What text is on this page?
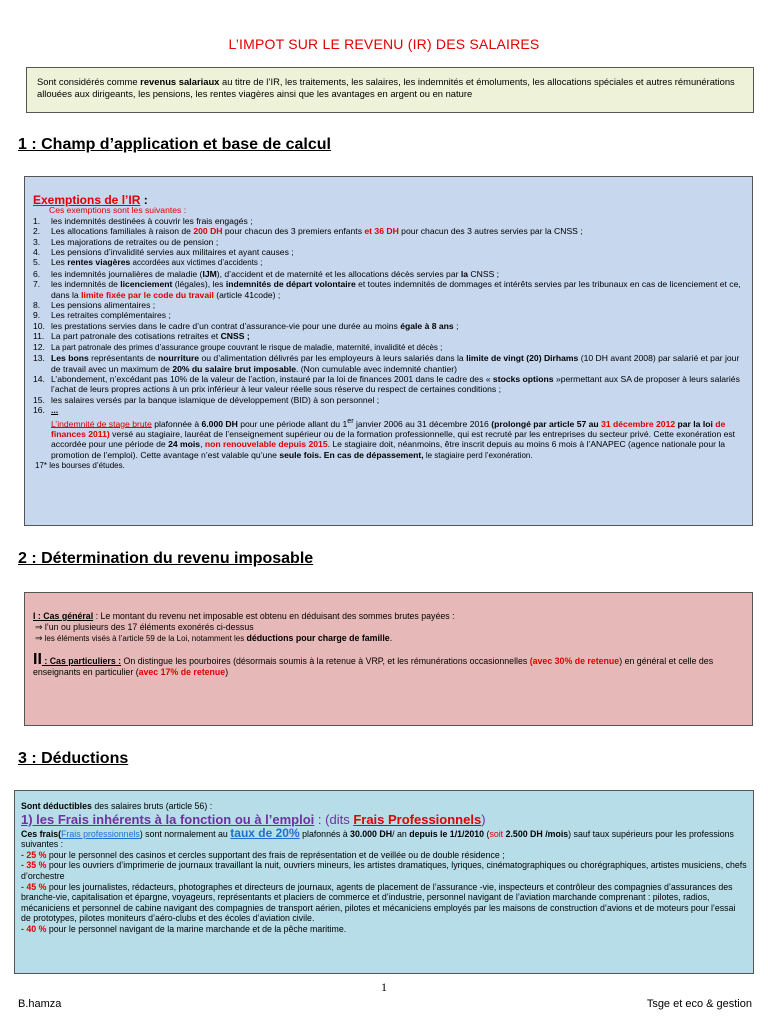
L’IMPOT SUR LE REVENU (IR) DES SALAIRES
Sont considérés comme revenus salariaux au titre de l’IR, les traitements, les salaires, les indemnités et émoluments, les allocations spéciales et autres rémunérations allouées aux dirigeants, les pensions, les rentes viagères ainsi que les avantages en argent ou en nature
1 : Champ d’application et base de calcul
Exemptions de l’IR :
Ces exemptions sont les suivantes :
1. les indemnités destinées à couvrir les frais engagés ;
2. Les allocations familiales à raison de 200 DH pour chacun des 3 premiers enfants et 36 DH pour chacun des 3 autres servies par la CNSS ;
3. Les majorations de retraites ou de pension ;
4. Les pensions d’invalidité servies aux militaires et ayant causes ;
5. Les rentes viagères accordées aux victimes d’accidents ;
6. les indemnités journalières de maladie (IJM), d’accident et de maternité et les allocations décès servies par la CNSS ;
7. les indemnités de licenciement (légales), les indemnités de départ volontaire et toutes indemnités de dommages et intérêts servies par les tribunaux en cas de licenciement et ce, dans la limite fixée par le code du travail (article 41code) ;
8. Les pensions alimentaires ;
9. Les retraites complémentaires ;
10. les prestations servies dans le cadre d’un contrat d’assurance-vie pour une durée au moins égale à 8 ans ;
11. La part patronale des cotisations retraites et CNSS ;
12. La part patronale des primes d’assurance groupe couvrant le risque de maladie, maternité, invalidité et décès ;
13. Les bons représentants de nourriture ou d’alimentation délivrés par les employeurs à leurs salariés dans la limite de vingt (20) Dirhams (10 DH avant 2008) par salarié et par jour de travail avec un maximum de 20% du salaire brut imposable. (Non cumulable avec indemnité chantier)
14. L’abondement, n’excédant pas 10% de la valeur de l’action, instauré par la loi de finances 2001 dans le cadre des « stocks options »permettant aux SA de proposer à leurs salariés l’achat de leurs propres actions à un prix inférieur à leur valeur réelle sous réserve du respect de certaines conditions ;
15. les salaires versés par la banque islamique de développement (BID) à son personnel ;
16. ...
L’indemnité de stage brute plafonnée à 6.000 DH pour une période allant du 1er janvier 2006 au 31 décembre 2016 (prolongé par article 57 au 31 décembre 2012 par la loi de finances 2011) versé au stagiaire, lauréat de l’enseignement supérieur ou de la formation professionnelle, qui est recruté par les entreprises du secteur privé. Cette exonération est accordée pour une période de 24 mois, non renouvelable depuis 2015. Le stagiaire doit, néanmoins, être inscrit depuis au moins 6 mois à l’ANAPEC (agence nationale pour la promotion de l’emploi). Cette avantage n’est valable qu’une seule fois. En cas de dépassement, le stagiaire perd l’exonération.
17* les bourses d’études.
2 : Détermination du revenu imposable
I : Cas général : Le montant du revenu net imposable est obtenu en déduisant des sommes brutes payées :
⇒ l’un ou plusieurs des 17 éléments exonérés ci-dessus
⇒ les éléments visés à l’article 59 de la Loi, notamment les déductions pour charge de famille.
II : Cas particuliers : On distingue les pourboires (désormais soumis à la retenue à VRP, et les rémunérations occasionnelles (avec 30% de retenue) en général et celle des enseignants en particulier (avec 17% de retenue)
3 : Déductions
Sont déductibles des salaires bruts (article 56) :
1) les Frais inhérents à la fonction ou à l’emploi : (dits Frais Professionnels)
Ces frais(Frais professionnels) sont normalement au taux de 20% plafonnés à 30.000 DH/ an depuis le 1/1/2010 (soit 2.500 DH /mois) sauf taux supérieurs pour les professions suivantes :
- 25 % pour le personnel des casinos et cercles supportant des frais de représentation et de veillée ou de double résidence ;
- 35 % pour les ouvriers d’imprimerie de journaux travaillant la nuit, ouvriers mineurs, les artistes dramatiques, lyriques, cinématographiques ou chorégraphiques, artistes musiciens, chefs d’orchestre
- 45 % pour les journalistes, rédacteurs, photographes et directeurs de journaux, agents de placement de l’assurance -vie, inspecteurs et contrôleur des compagnies d’assurances des branche-vie, capitalisation et épargne, voyageurs, représentants et placiers de commerce et d’industrie, personnel navigant de l’aviation marchande comprenant : pilotes, radios, mécaniciens et personnel de cabine navigant des compagnies de transport aérien, pilotes et mécaniciens employés par les maisons de construction d’avions et de moteurs pour l’essai de prototypes, pilotes moniteurs d’aéro-clubs et des écoles d’aviation civile.
- 40 % pour le personnel navigant de la marine marchande et de la pêche maritime.
1
B.hamza	Tsge et eco & gestion
